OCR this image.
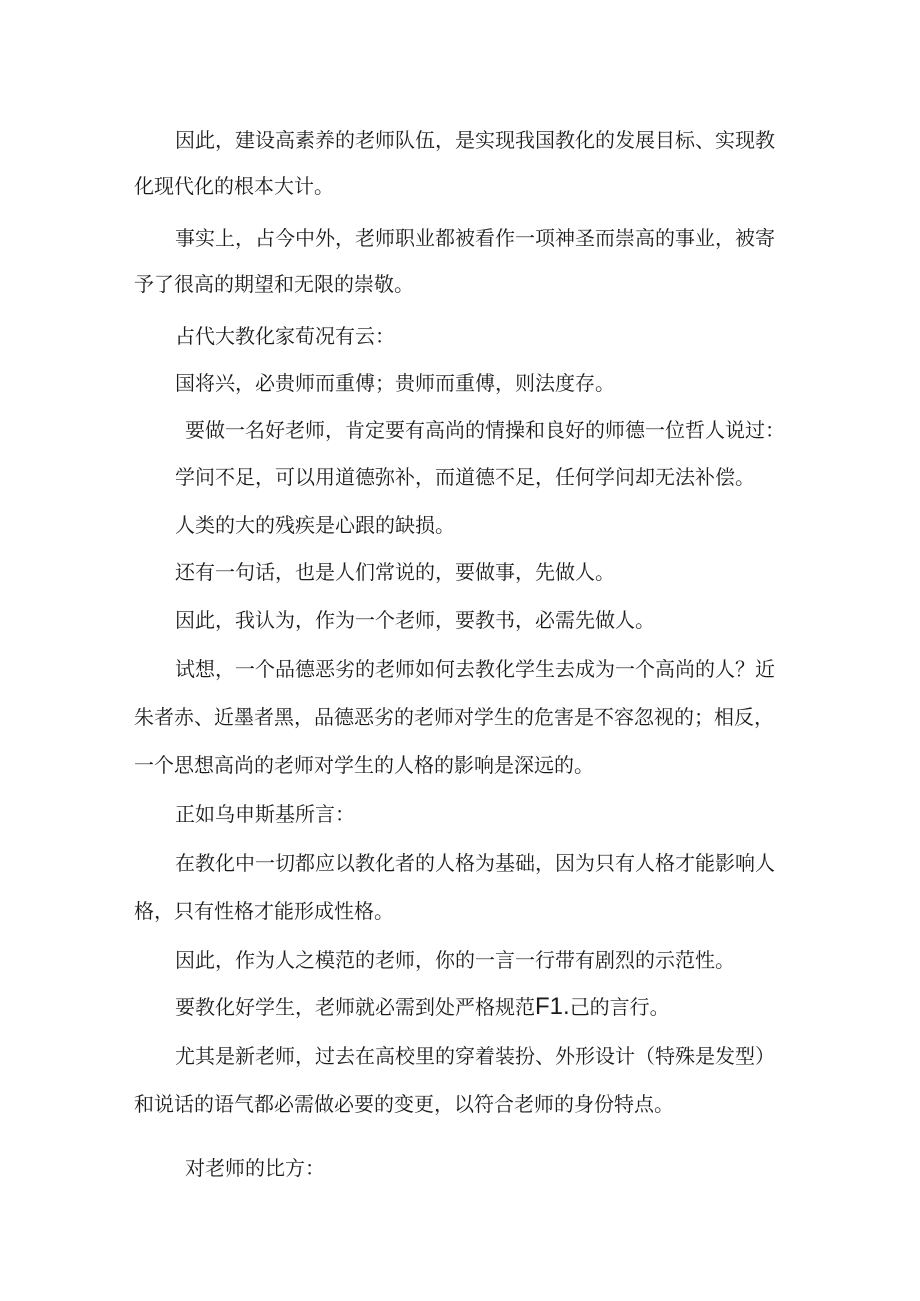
因此，建设高素养的老师队伍，是实现我国教化的发展目标、实现教
化现代化的根本大计。
事实上，占今中外，老师职业都被看作一项神圣而崇高的事业，被寄
予了很高的期望和无限的崇敬。
占代大教化家荀况有云：
国将兴，必贵师而重傅；贵师而重傅，则法度存。
要做一名好老师，肯定要有高尚的情操和良好的师德一位哲人说过：
学问不足，可以用道德弥补，而道德不足，任何学问却无法补偿。
人类的大的残疾是心跟的缺损。
还有一句话，也是人们常说的，要做事，先做人。
因此，我认为，作为一个老师，要教书，必需先做人。
试想，一个品德恶劣的老师如何去教化学生去成为一个高尚的人？近
朱者赤、近墨者黑，品德恶劣的老师对学生的危害是不容忽视的；相反，
一个思想高尚的老师对学生的人格的影响是深远的。
正如乌申斯基所言：
在教化中一切都应以教化者的人格为基础，因为只有人格才能影响人
格，只有性格才能形成性格。
因此，作为人之模范的老师，你的一言一行带有剧烈的示范性。
要教化好学生，老师就必需到处严格规范F1.己的言行。
尤其是新老师，过去在高校里的穿着装扮、外形设计（特殊是发型）
和说话的语气都必需做必要的变更，以符合老师的身份特点。
对老师的比方：
